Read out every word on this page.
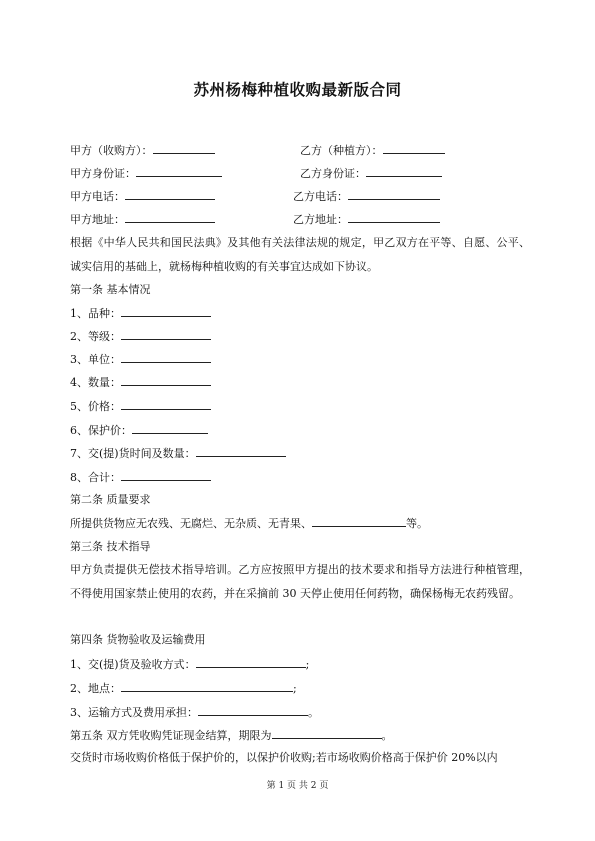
苏州杨梅种植收购最新版合同
甲方（收购方）：	乙方（种植方）：
甲方身份证：	乙方身份证：
甲方电话：	乙方电话：
甲方地址：	乙方地址：
根据《中华人民共和国民法典》及其他有关法律法规的规定，甲乙双方在平等、自愿、公平、诚实信用的基础上，就杨梅种植收购的有关事宜达成如下协议。
第一条 基本情况
1、品种：
2、等级：
3、单位：
4、数量：
5、价格：
6、保护价：
7、交(提)货时间及数量：
8、合计：
第二条 质量要求
所提供货物应无农残、无腐烂、无杂质、无青果、	等。
第三条 技术指导
甲方负责提供无偿技术指导培训。乙方应按照甲方提出的技术要求和指导方法进行种植管理，不得使用国家禁止使用的农药，并在采摘前 30 天停止使用任何药物，确保杨梅无农药残留。
第四条 货物验收及运输费用
1、交(提)货及验收方式：	;
2、地点：	;
3、运输方式及费用承担：	。
第五条 双方凭收购凭证现金结算，期限为	。
交货时市场收购价格低于保护价的，以保护价收购;若市场收购价格高于保护价 20%以内
第 1 页 共 2 页
